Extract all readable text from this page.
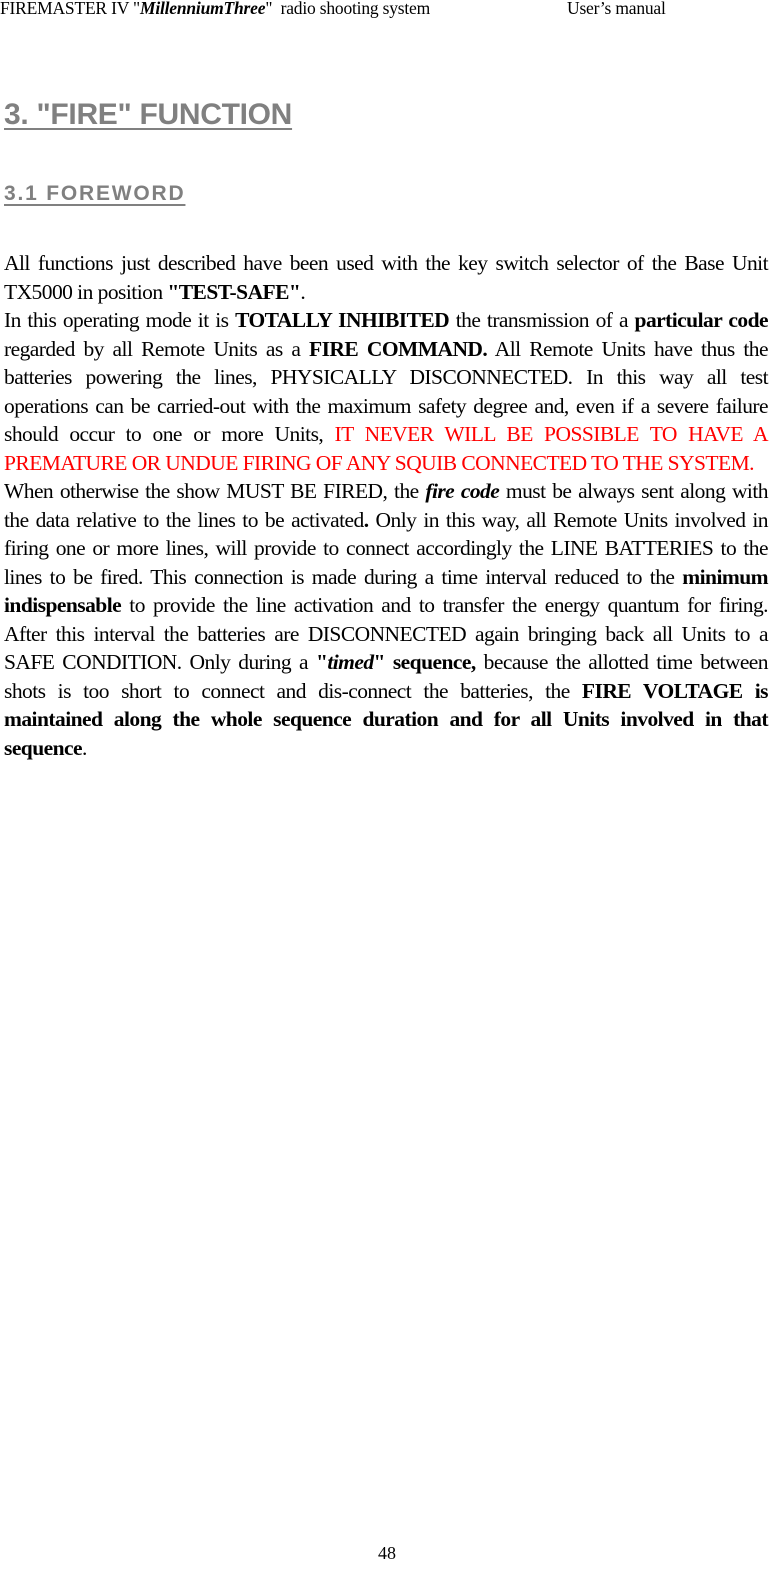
FIREMASTER IV "MillenniumThree"  radio shooting system	User’s manual
3. "FIRE" FUNCTION
3.1 FOREWORD

All functions just described have been used with the key switch selector of the Base Unit TX5000 in position "TEST-SAFE".

In this operating mode it is TOTALLY INHIBITED the transmission of a particular code regarded by all Remote Units as a FIRE COMMAND. All Remote Units have thus the batteries powering the lines, PHYSICALLY DISCONNECTED. In this way all test operations can be carried-out with the maximum safety degree and, even if a severe failure should occur to one or more Units, IT NEVER WILL BE POSSIBLE TO HAVE A PREMATURE OR UNDUE FIRING OF ANY SQUIB CONNECTED TO THE SYSTEM.

When otherwise the show MUST BE FIRED, the fire code must be always sent along with the data relative to the lines to be activated. Only in this way, all Remote Units involved in firing one or more lines, will provide to connect accordingly the LINE BATTERIES to the lines to be fired. This connection is made during a time interval reduced to the minimum indispensable to provide the line activation and to transfer the energy quantum for firing. After this interval the batteries are DISCONNECTED again bringing back all Units to a SAFE CONDITION. Only during a "timed" sequence, because the allotted time between shots is too short to connect and dis-connect the batteries, the FIRE VOLTAGE is maintained along the whole sequence duration and for all Units involved in that sequence.

48
